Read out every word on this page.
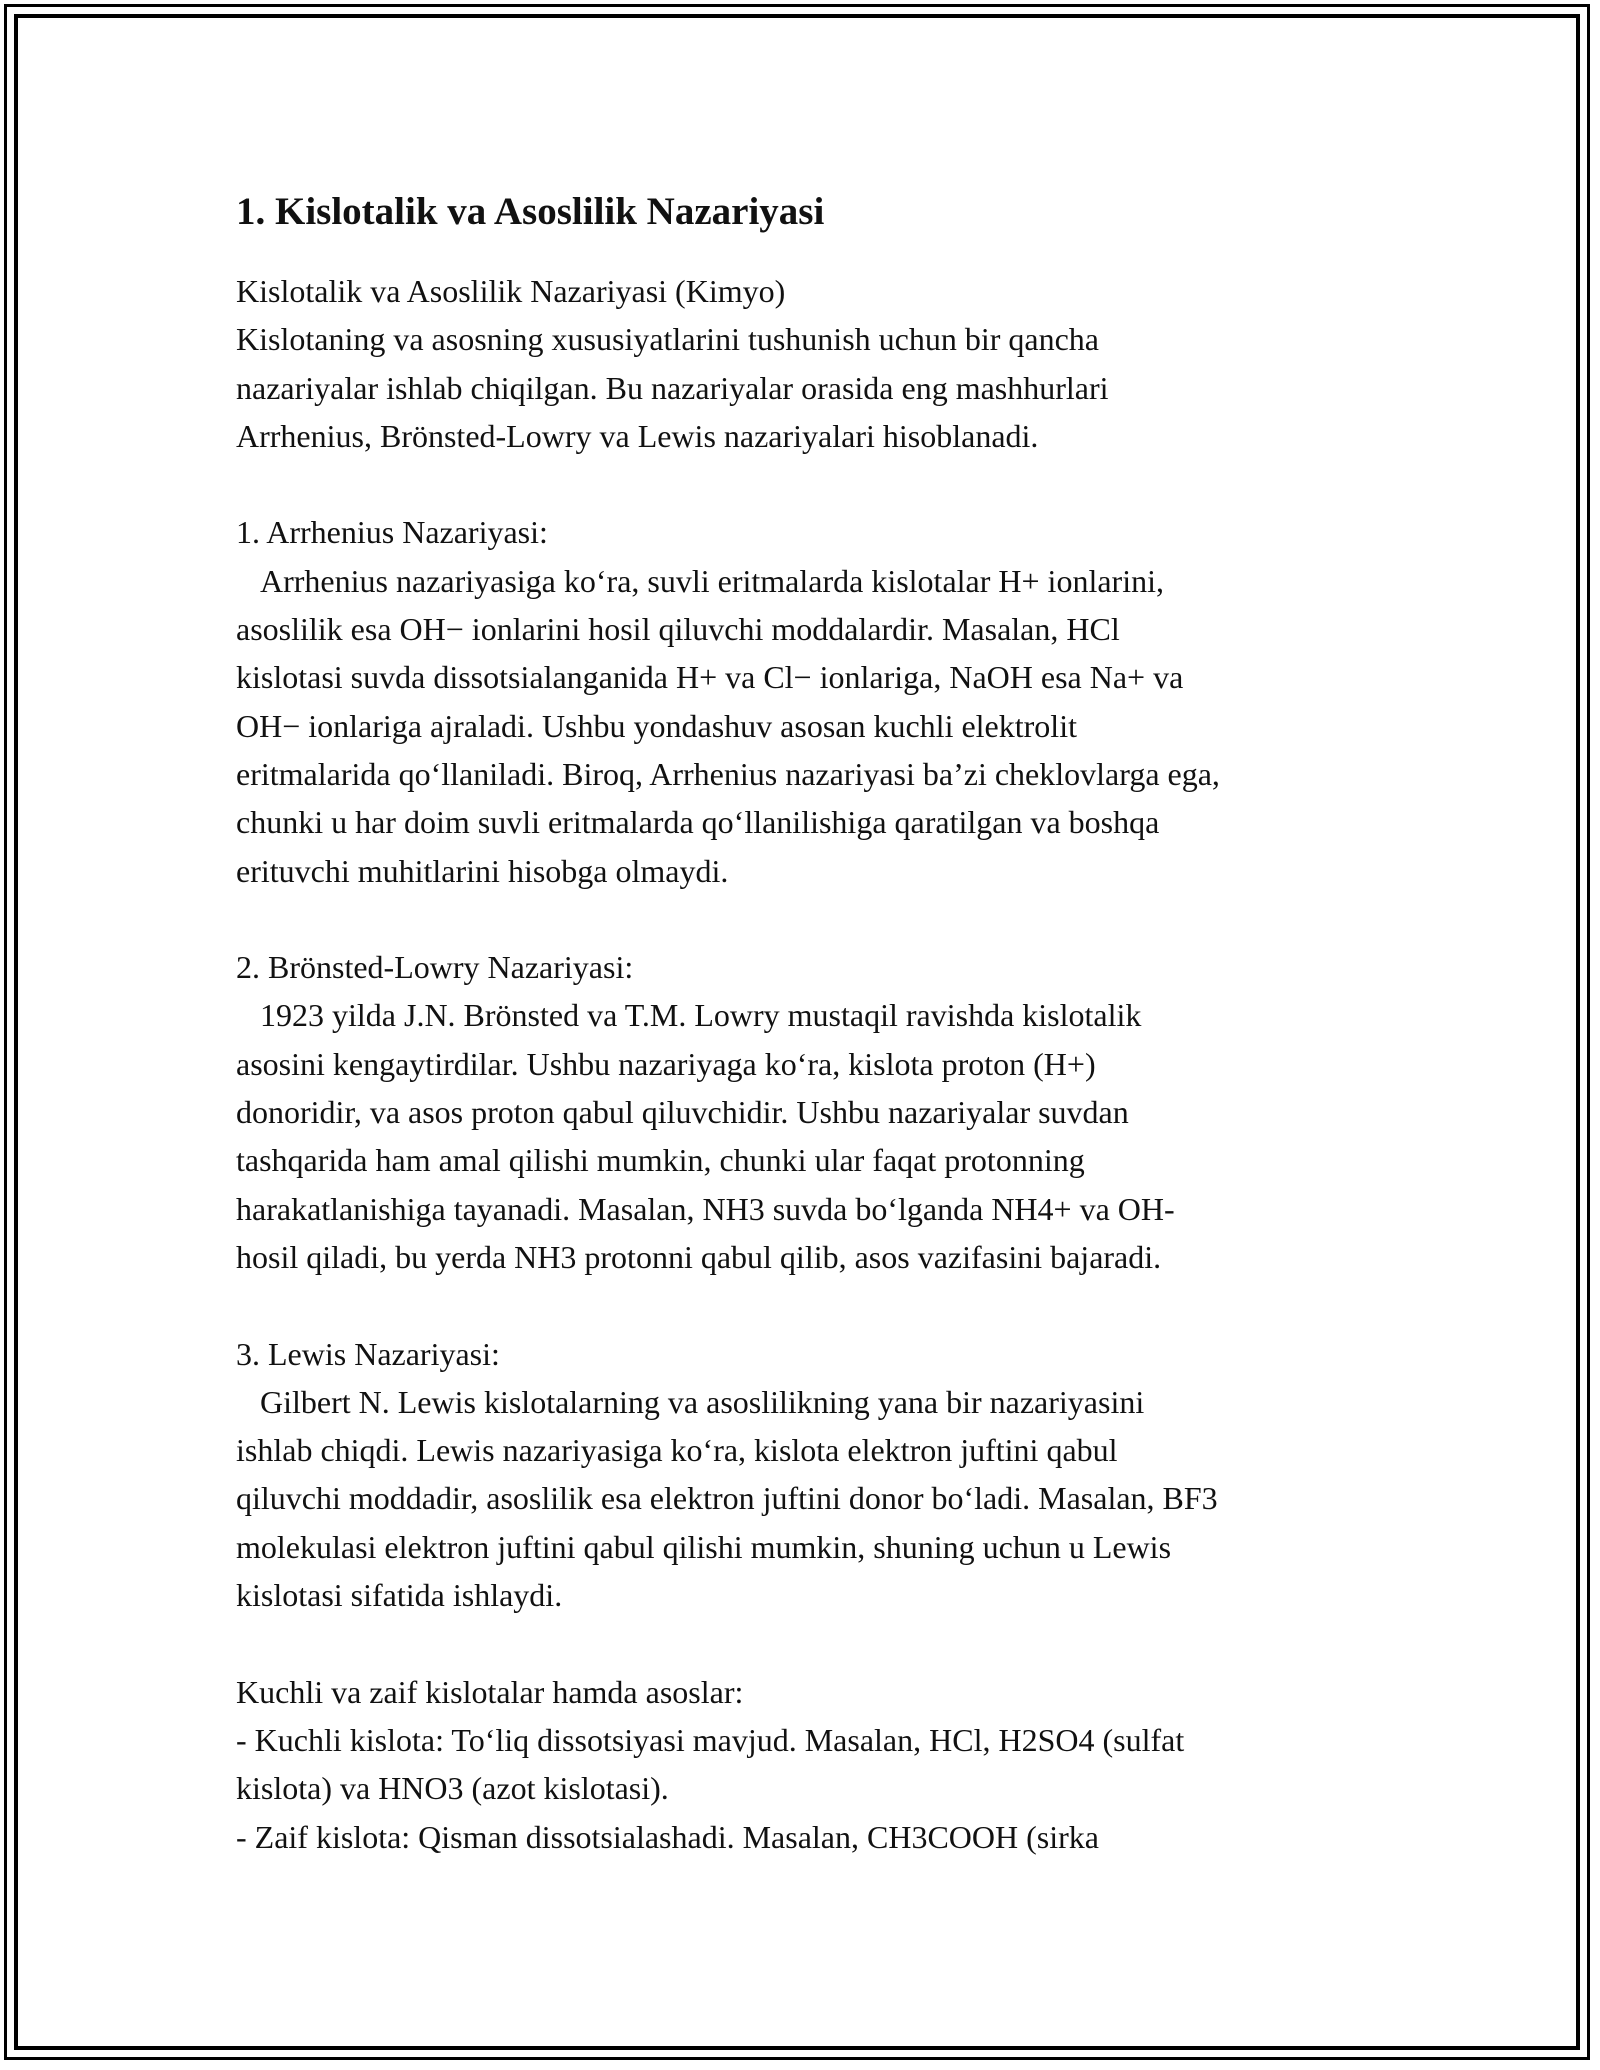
1. Kislotalik va Asoslilik Nazariyasi

Kislotalik va Asoslilik Nazariyasi (Kimyo)
Kislotaning va asosning xususiyatlarini tushunish uchun bir qancha
nazariyalar ishlab chiqilgan. Bu nazariyalar orasida eng mashhurlari
Arrhenius, Brönsted-Lowry va Lewis nazariyalari hisoblanadi.

1. Arrhenius Nazariyasi:
Arrhenius nazariyasiga ko‘ra, suvli eritmalarda kislotalar H+ ionlarini,
asoslilik esa OH− ionlarini hosil qiluvchi moddalardir. Masalan, HCl
kislotasi suvda dissotsialanganida H+ va Cl− ionlariga, NaOH esa Na+ va
OH− ionlariga ajraladi. Ushbu yondashuv asosan kuchli elektrolit
eritmalarida qo‘llaniladi. Biroq, Arrhenius nazariyasi ba’zi cheklovlarga ega,
chunki u har doim suvli eritmalarda qo‘llanilishiga qaratilgan va boshqa
erituvchi muhitlarini hisobga olmaydi.

2. Brönsted-Lowry Nazariyasi:
1923 yilda J.N. Brönsted va T.M. Lowry mustaqil ravishda kislotalik
asosini kengaytirdilar. Ushbu nazariyaga ko‘ra, kislota proton (H+)
donoridir, va asos proton qabul qiluvchidir. Ushbu nazariyalar suvdan
tashqarida ham amal qilishi mumkin, chunki ular faqat protonning
harakatlanishiga tayanadi. Masalan, NH3 suvda bo‘lganda NH4+ va OH-
hosil qiladi, bu yerda NH3 protonni qabul qilib, asos vazifasini bajaradi.

3. Lewis Nazariyasi:
Gilbert N. Lewis kislotalarning va asoslilikning yana bir nazariyasini
ishlab chiqdi. Lewis nazariyasiga ko‘ra, kislota elektron juftini qabul
qiluvchi moddadir, asoslilik esa elektron juftini donor bo‘ladi. Masalan, BF3
molekulasi elektron juftini qabul qilishi mumkin, shuning uchun u Lewis
kislotasi sifatida ishlaydi.

Kuchli va zaif kislotalar hamda asoslar:
- Kuchli kislota: To‘liq dissotsiyasi mavjud. Masalan, HCl, H2SO4 (sulfat
kislota) va HNO3 (azot kislotasi).
- Zaif kislota: Qisman dissotsialashadi. Masalan, CH3COOH (sirka
